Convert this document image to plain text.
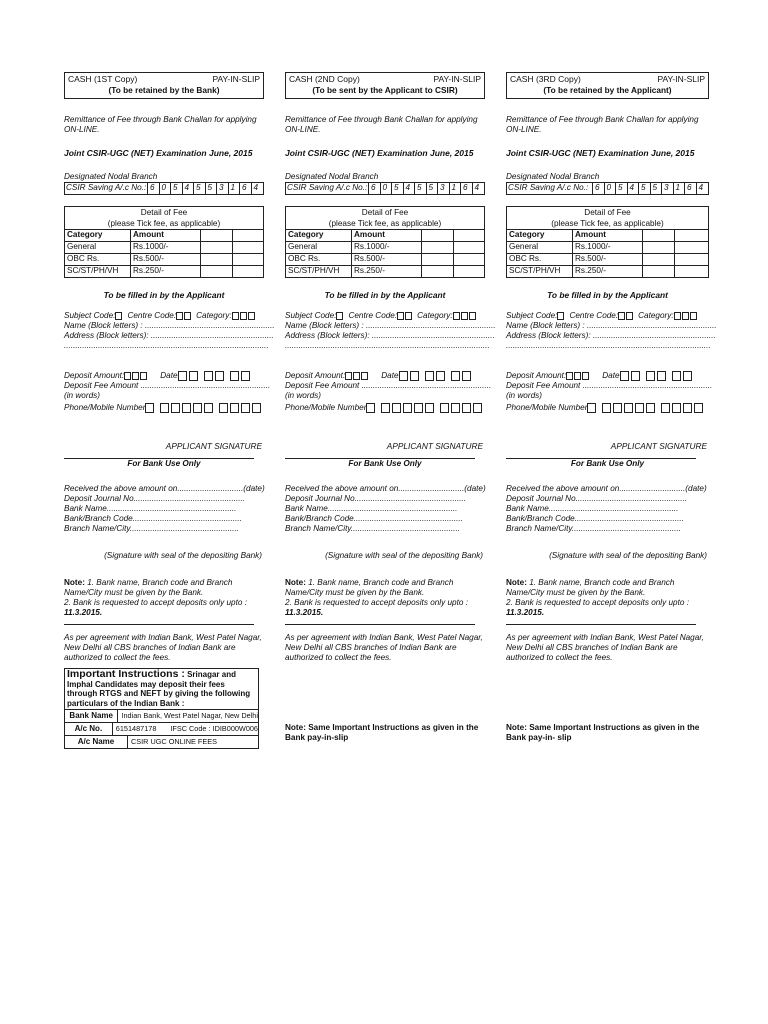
CASH (1ST Copy)	PAY-IN-SLIP
(To be retained by the Bank)
Remittance of Fee through Bank Challan for applying ON-LINE.
Joint CSIR-UGC (NET) Examination June, 2015
Designated Nodal Branch
CSIR Saving A/.c No.: 6 0 5 4 5 5 3 1 6 4
Detail of Fee
(please Tick fee, as applicable)
Category	Amount
General	Rs.1000/-
OBC Rs.	Rs.500/-
SC/ST/PH/VH	Rs.250/-
To be filled in by the Applicant
Subject Code: Centre Code: Category:
Name (Block letters) : .........................................................
Address (Block letters): ......................................................
..........................................................................................
Deposit Amount:	Date
Deposit Fee Amount .........................................................
(in words)
Phone/Mobile Number
APPLICANT SIGNATURE
For Bank Use Only
Received the above amount on.............................(date)
Deposit Journal No.................................................
Bank Name.........................................................
Bank/Branch Code................................................
Branch Name/City................................................
(Signature with seal of the depositing Bank)
Note: 1. Bank name, Branch code and Branch Name/City must be given by the Bank.
2. Bank is requested to accept deposits only upto : 11.3.2015.
As per agreement with Indian Bank, West Patel Nagar, New Delhi all CBS branches of Indian Bank are authorized to collect the fees.
Important Instructions : Srinagar and Imphal Candidates may deposit their fees through RTGS and NEFT by giving the following particulars of the Indian Bank :
Bank Name	Indian Bank, West Patel Nagar, New Delhi
A/c No.	6151487178 IFSC Code : IDIB000W006
A/c Name	CSIR UGC ONLINE FEES
CASH (2ND Copy)	PAY-IN-SLIP
(To be sent by the Applicant to CSIR)
Remittance of Fee through Bank Challan for applying ON-LINE.
Joint CSIR-UGC (NET) Examination June, 2015
Designated Nodal Branch
CSIR Saving A/.c No.: 6 0 5 4 5 5 3 1 6 4
Detail of Fee
(please Tick fee, as applicable)
Category	Amount
General	Rs.1000/-
OBC Rs.	Rs.500/-
SC/ST/PH/VH	Rs.250/-
To be filled in by the Applicant
Subject Code: Centre Code: Category:
Name (Block letters) : .........................................................
Address (Block letters): ......................................................
..........................................................................................
Deposit Amount:	Date
Deposit Fee Amount .........................................................
(in words)
Phone/Mobile Number
APPLICANT SIGNATURE
For Bank Use Only
Received the above amount on.............................(date)
Deposit Journal No.................................................
Bank Name.........................................................
Bank/Branch Code................................................
Branch Name/City................................................
(Signature with seal of the depositing Bank)
Note: 1. Bank name, Branch code and Branch Name/City must be given by the Bank.
2. Bank is requested to accept deposits only upto : 11.3.2015.
As per agreement with Indian Bank, West Patel Nagar, New Delhi all CBS branches of Indian Bank are authorized to collect the fees.
Note: Same Important Instructions as given in the Bank pay-in-slip
CASH (3RD Copy)	PAY-IN-SLIP
(To be retained by the Applicant)
Remittance of Fee through Bank Challan for applying ON-LINE.
Joint CSIR-UGC (NET) Examination June, 2015
Designated Nodal Branch
CSIR Saving A/.c No.: 6 0 5 4 5 5 3 1 6 4
Detail of Fee
(please Tick fee, as applicable)
Category	Amount
General	Rs.1000/-
OBC Rs.	Rs.500/-
SC/ST/PH/VH	Rs.250/-
To be filled in by the Applicant
Subject Code: Centre Code: Category:
Name (Block letters) : .........................................................
Address (Block letters): ......................................................
..........................................................................................
Deposit Amount:	Date
Deposit Fee Amount .........................................................
(in words)
Phone/Mobile Number
APPLICANT SIGNATURE
For Bank Use Only
Received the above amount on.............................(date)
Deposit Journal No.................................................
Bank Name.........................................................
Bank/Branch Code................................................
Branch Name/City................................................
(Signature with seal of the depositing Bank)
Note: 1. Bank name, Branch code and Branch Name/City must be given by the Bank.
2. Bank is requested to accept deposits only upto : 11.3.2015.
As per agreement with Indian Bank, West Patel Nagar, New Delhi all CBS branches of Indian Bank are authorized to collect the fees.
Note: Same Important Instructions as given in the Bank pay-in- slip
